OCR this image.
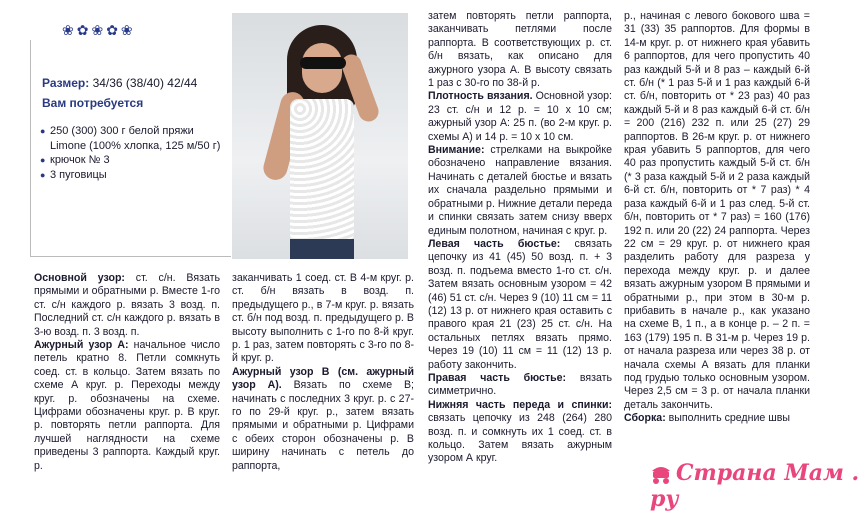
❀✿❀✿❀
Размер: 34/36 (38/40) 42/44
Вам потребуется
● 250 (300) 300 г белой пряжи Limone (100% хлопка, 125 м/50 г)
● крючок № 3
● 3 пуговицы

Основной узор: ст. с/н. Вязать прямыми и обратными р. Вместе 1-го ст. с/н каждого р. вязать 3 возд. п. Последний ст. с/н каждого р. вязать в 3-ю возд. п. 3 возд. п.

Ажурный узор А: начальное число петель кратно 8. Петли сомкнуть соед. ст. в кольцо. Затем вязать по схеме А круг. р. Переходы между круг. р. обозначены на схеме. Цифрами обозначены круг. р. В круг. р. повторять петли раппорта. Для лучшей наглядности на схеме приведены 3 раппорта. Каждый круг. р.

заканчивать 1 соед. ст. В 4-м круг. р. ст. б/н вязать в возд. п. предыдущего р., в 7-м круг. р. вязать ст. б/н под возд. п. предыдущего р. В высоту выполнить с 1-го по 8-й круг. р. 1 раз, затем повторять с 3-го по 8-й круг. р.

Ажурный узор В (см. ажурный узор А). Вязать по схеме В; начинать с последних 3 круг. р. с 27-го по 29-й круг. р., затем вязать прямыми и обратными р. Цифрами с обеих сторон обозначены р. В ширину начинать с петель до раппорта,

затем повторять петли раппорта, заканчивать петлями после раппорта. В соответствующих р. ст. б/н вязать, как описано для ажурного узора А. В высоту связать 1 раз с 30-го по 38-й р.

Плотность вязания. Основной узор: 23 ст. с/н и 12 р. = 10 х 10 см; ажурный узор А: 25 п. (во 2-м круг. р. схемы А) и 14 р. = 10 х 10 см.

Внимание: стрелками на выкройке обозначено направление вязания. Начинать с деталей бюстье и вязать их сначала раздельно прямыми и обратными р. Нижние детали переда и спинки связать затем снизу вверх единым полотном, начиная с круг. р.

Левая часть бюстье: связать цепочку из 41 (45) 50 возд. п. + 3 возд. п. подъема вместо 1-го ст. с/н. Затем вязать основным узором = 42 (46) 51 ст. с/н. Через 9 (10) 11 см = 11 (12) 13 р. от нижнего края оставить с правого края 21 (23) 25 ст. с/н. На остальных петлях вязать прямо. Через 19 (10) 11 см = 11 (12) 13 р. работу закончить.

Правая часть бюстье: вязать симметрично.

Нижняя часть переда и спинки: связать цепочку из 248 (264) 280 возд. п. и сомкнуть их 1 соед. ст. в кольцо. Затем вязать ажурным узором А круг.

р., начиная с левого бокового шва = 31 (33) 35 раппортов. Для формы в 14-м круг. р. от нижнего края убавить 6 раппортов, для чего пропустить 40 раз каждый 5-й и 8 раз – каждый 6-й ст. б/н (* 1 раз 5-й и 1 раз каждый 6-й ст. б/н, повторить от * 23 раз) 40 раз каждый 5-й и 8 раз каждый 6-й ст. б/н = 200 (216) 232 п. или 25 (27) 29 раппортов. В 26-м круг. р. от нижнего края убавить 5 раппортов, для чего 40 раз пропустить каждый 5-й ст. б/н (* 3 раза каждый 5-й и 2 раза каждый 6-й ст. б/н, повторить от * 7 раз) * 4 раза каждый 6-й и 1 раз след. 5-й ст. б/н, повторить от * 7 раз) = 160 (176) 192 п. или 20 (22) 24 раппорта. Через 22 см = 29 круг. р. от нижнего края разделить работу для разреза у перехода между круг. р. и далее вязать ажурным узором В прямыми и обратными р., при этом в 30-м р. прибавить в начале р., как указано на схеме В, 1 п., а в конце р. – 2 п. = 163 (179) 195 п. В 31-м р. Через 19 р. от начала разреза или через 38 р. от начала схемы А вязать для планки под грудью только основным узором. Через 2,5 см = 3 р. от начала планки деталь закончить.

Сборка: выполнить средние швы

Страна Мам . ру
